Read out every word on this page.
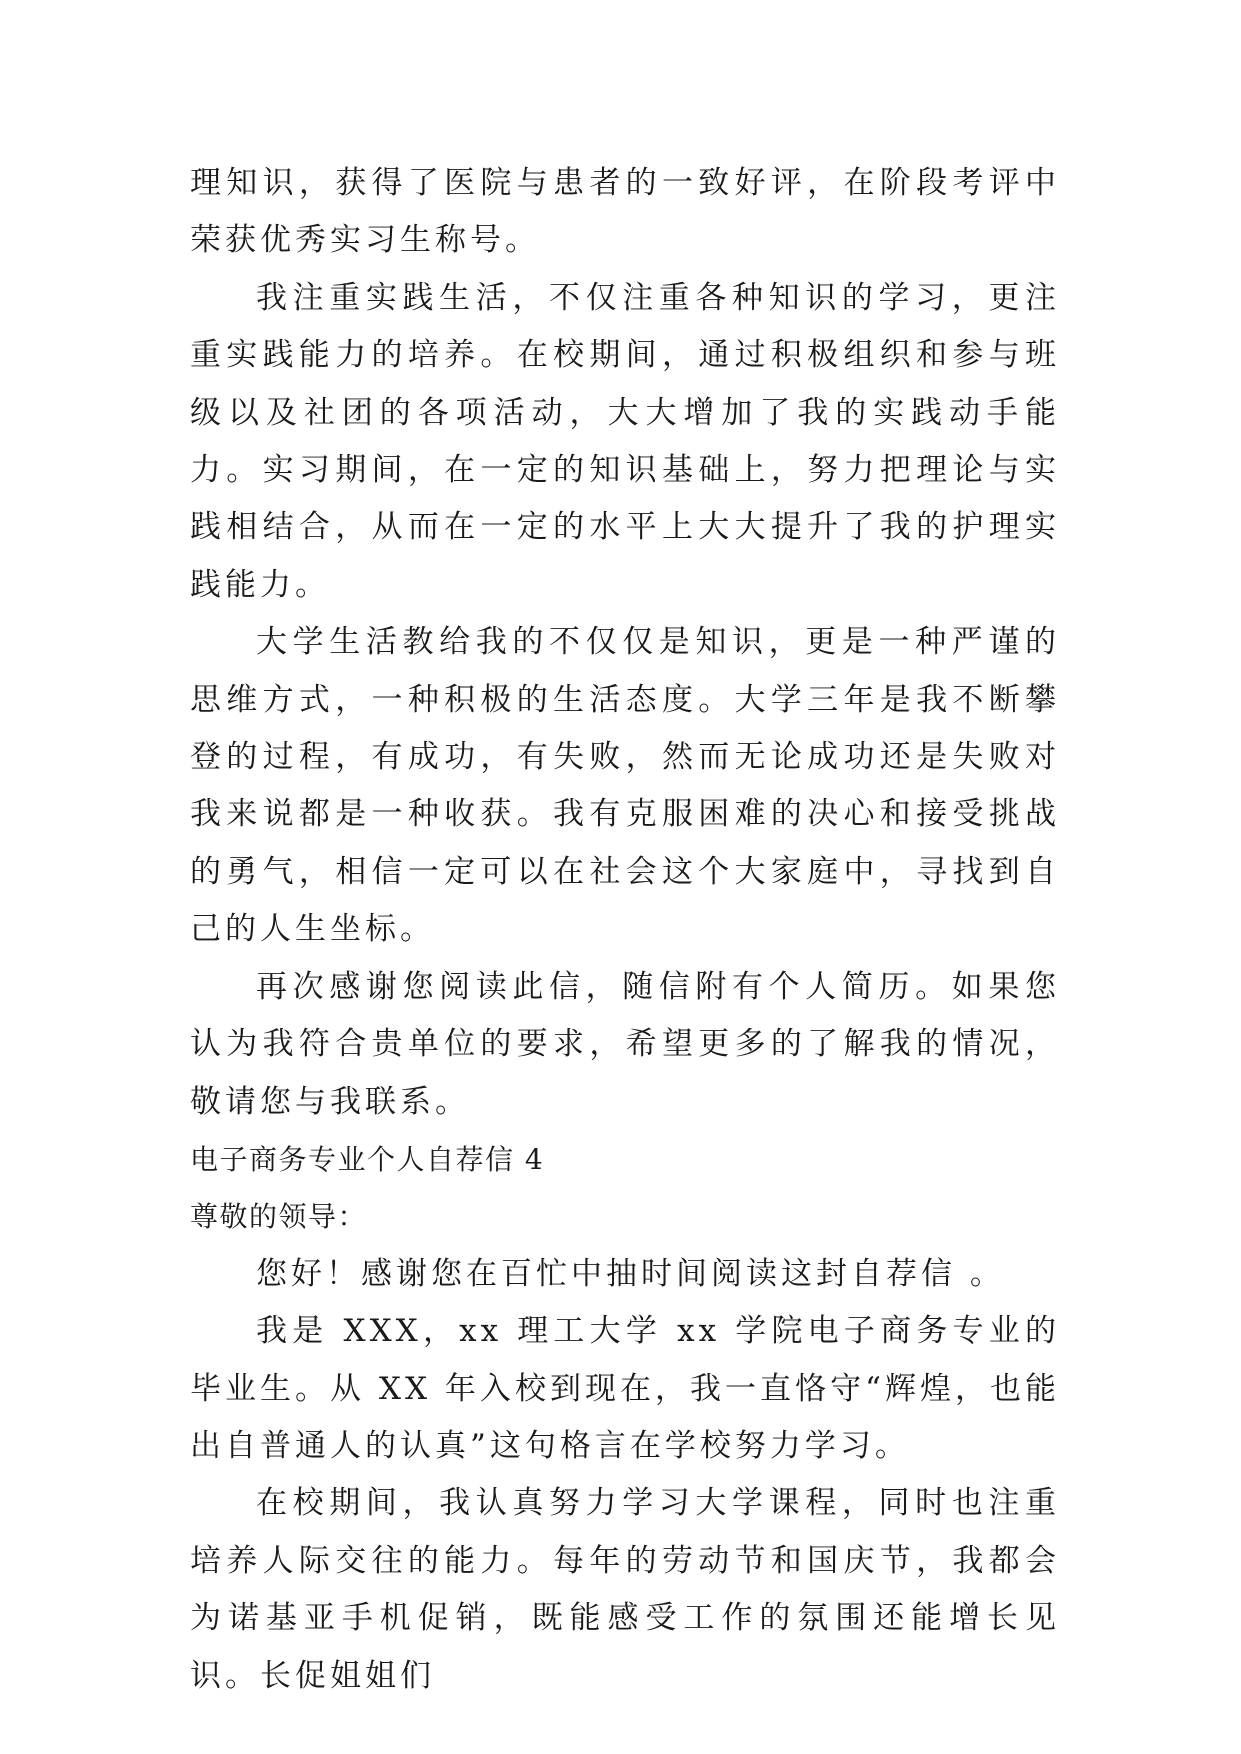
理知识，获得了医院与患者的一致好评，在阶段考评中荣获优秀实习生称号。

我注重实践生活，不仅注重各种知识的学习，更注重实践能力的培养。在校期间，通过积极组织和参与班级以及社团的各项活动，大大增加了我的实践动手能力。实习期间，在一定的知识基础上，努力把理论与实践相结合，从而在一定的水平上大大提升了我的护理实践能力。

大学生活教给我的不仅仅是知识，更是一种严谨的思维方式，一种积极的生活态度。大学三年是我不断攀登的过程，有成功，有失败，然而无论成功还是失败对我来说都是一种收获。我有克服困难的决心和接受挑战的勇气，相信一定可以在社会这个大家庭中，寻找到自己的人生坐标。

再次感谢您阅读此信，随信附有个人简历。如果您认为我符合贵单位的要求，希望更多的了解我的情况，敬请您与我联系。

电子商务专业个人自荐信 4

尊敬的领导：

您好！感谢您在百忙中抽时间阅读这封自荐信 。

我是 XXX，xx 理工大学 xx 学院电子商务专业的毕业生。从 XX 年入校到现在，我一直恪守“辉煌，也能出自普通人的认真”这句格言在学校努力学习。

在校期间，我认真努力学习大学课程，同时也注重培养人际交往的能力。每年的劳动节和国庆节，我都会为诺基亚手机促销，既能感受工作的氛围还能增长见识。长促姐姐们
